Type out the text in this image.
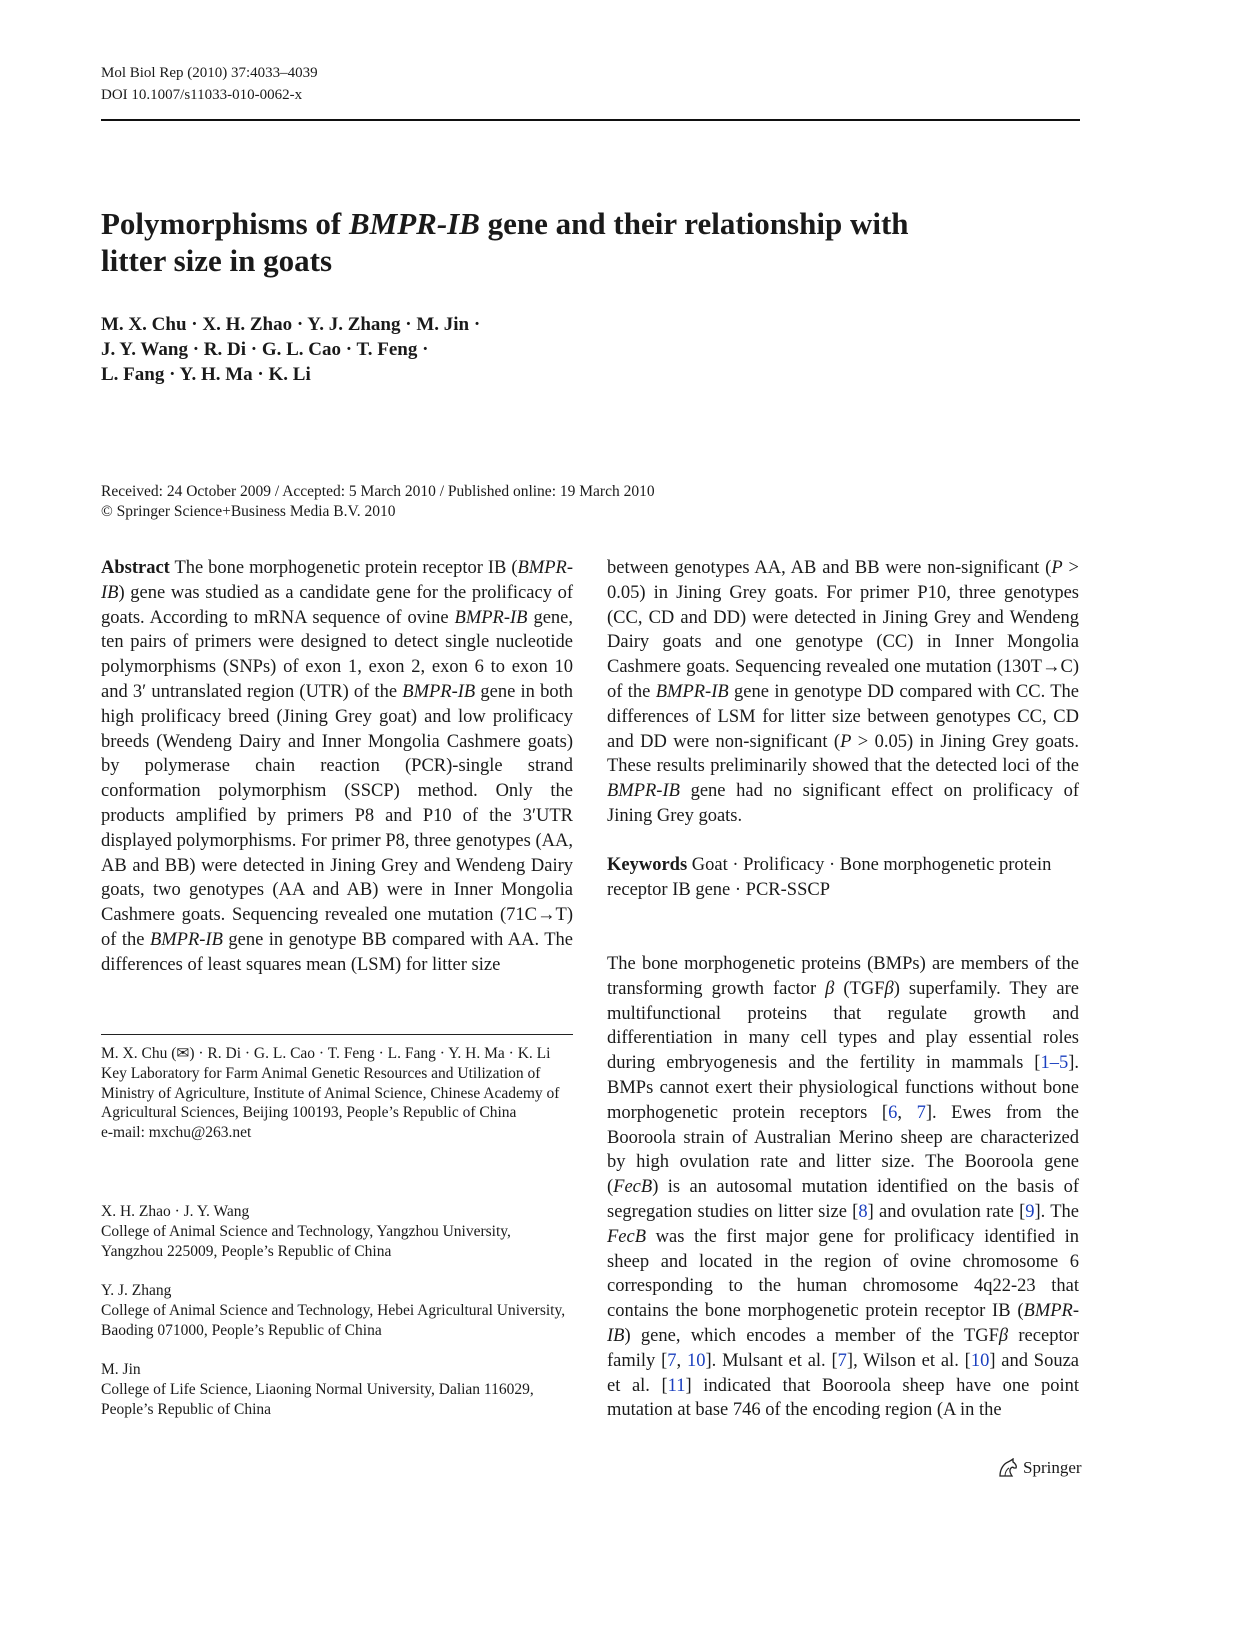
Mol Biol Rep (2010) 37:4033–4039
DOI 10.1007/s11033-010-0062-x
Polymorphisms of BMPR-IB gene and their relationship with litter size in goats
M. X. Chu · X. H. Zhao · Y. J. Zhang · M. Jin ·
J. Y. Wang · R. Di · G. L. Cao · T. Feng ·
L. Fang · Y. H. Ma · K. Li
Received: 24 October 2009 / Accepted: 5 March 2010 / Published online: 19 March 2010
© Springer Science+Business Media B.V. 2010

Abstract The bone morphogenetic protein receptor IB (BMPR-IB) gene was studied as a candidate gene for the prolificacy of goats. According to mRNA sequence of ovine BMPR-IB gene, ten pairs of primers were designed to detect single nucleotide polymorphisms (SNPs) of exon 1, exon 2, exon 6 to exon 10 and 3′ untranslated region (UTR) of the BMPR-IB gene in both high prolificacy breed (Jining Grey goat) and low prolificacy breeds (Wendeng Dairy and Inner Mongolia Cashmere goats) by polymerase chain reaction (PCR)-single strand conformation polymorphism (SSCP) method. Only the products amplified by primers P8 and P10 of the 3′UTR displayed polymorphisms. For primer P8, three genotypes (AA, AB and BB) were detected in Jining Grey and Wendeng Dairy goats, two genotypes (AA and AB) were in Inner Mongolia Cashmere goats. Sequencing revealed one mutation (71C→T) of the BMPR-IB gene in genotype BB compared with AA. The differences of least squares mean (LSM) for litter size

M. X. Chu (✉) · R. Di · G. L. Cao · T. Feng · L. Fang · Y. H. Ma · K. Li

Key Laboratory for Farm Animal Genetic Resources and Utilization of Ministry of Agriculture, Institute of Animal Science, Chinese Academy of Agricultural Sciences, Beijing 100193, People’s Republic of China

e-mail: mxchu@263.net

X. H. Zhao · J. Y. Wang

College of Animal Science and Technology, Yangzhou University, Yangzhou 225009, People’s Republic of China

Y. J. Zhang

College of Animal Science and Technology, Hebei Agricultural University, Baoding 071000, People’s Republic of China

M. Jin

College of Life Science, Liaoning Normal University, Dalian 116029, People’s Republic of China

between genotypes AA, AB and BB were non-significant (P > 0.05) in Jining Grey goats. For primer P10, three genotypes (CC, CD and DD) were detected in Jining Grey and Wendeng Dairy goats and one genotype (CC) in Inner Mongolia Cashmere goats. Sequencing revealed one mutation (130T→C) of the BMPR-IB gene in genotype DD compared with CC. The differences of LSM for litter size between genotypes CC, CD and DD were non-significant (P > 0.05) in Jining Grey goats. These results preliminarily showed that the detected loci of the BMPR-IB gene had no significant effect on prolificacy of Jining Grey goats.

Keywords Goat · Prolificacy · Bone morphogenetic protein receptor IB gene · PCR-SSCP

The bone morphogenetic proteins (BMPs) are members of the transforming growth factor β (TGFβ) superfamily. They are multifunctional proteins that regulate growth and differentiation in many cell types and play essential roles during embryogenesis and the fertility in mammals [1–5]. BMPs cannot exert their physiological functions without bone morphogenetic protein receptors [6, 7]. Ewes from the Booroola strain of Australian Merino sheep are characterized by high ovulation rate and litter size. The Booroola gene (FecB) is an autosomal mutation identified on the basis of segregation studies on litter size [8] and ovulation rate [9]. The FecB was the first major gene for prolificacy identified in sheep and located in the region of ovine chromosome 6 corresponding to the human chromosome 4q22-23 that contains the bone morphogenetic protein receptor IB (BMPR-IB) gene, which encodes a member of the TGFβ receptor family [7, 10]. Mulsant et al. [7], Wilson et al. [10] and Souza et al. [11] indicated that Booroola sheep have one point mutation at base 746 of the encoding region (A in the

Springer
